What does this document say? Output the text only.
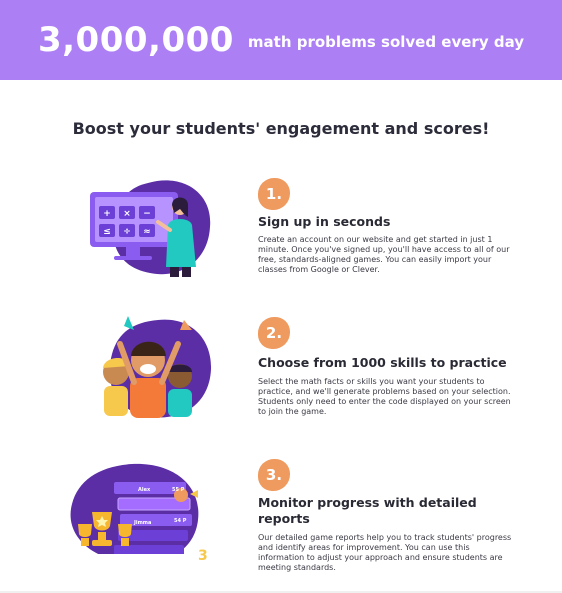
3,000,000 math problems solved every day
Boost your students' engagement and scores!
+ × −
≤ ÷ ≈
1.
Sign up in seconds
Create an account on our website and get started in just 1 minute. Once you've signed up, you'll have access to all of our free, standards-aligned games. You can easily import your classes from Google or Clever.
2.
Choose from 1000 skills to practice
Select the math facts or skills you want your students to practice, and we'll generate problems based on your selection. Students only need to enter the code displayed on your screen to join the game.
3
Alex	55 P
Jimma	54 P
3.
Monitor progress with detailed reports
Our detailed game reports help you to track students' progress and identify areas for improvement. You can use this information to adjust your approach and ensure students are meeting standards.
